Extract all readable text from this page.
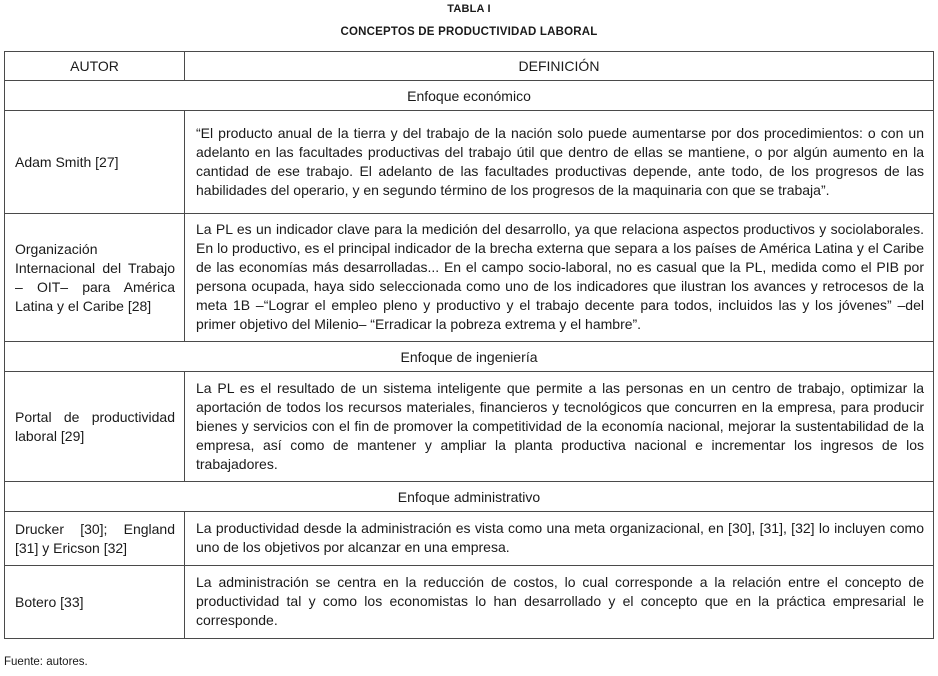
TABLA I
CONCEPTOS DE PRODUCTIVIDAD LABORAL
AUTOR	DEFINICIÓN
Enfoque económico	
Adam Smith [27]	“El producto anual de la tierra y del trabajo de la nación solo puede aumentarse por dos procedimientos: o con un adelanto en las facultades productivas del trabajo útil que dentro de ellas se mantiene, o por algún aumento en la cantidad de ese trabajo. El adelanto de las facultades productivas depende, ante todo, de los progresos de las habilidades del operario, y en segundo término de los progresos de la maquinaria con que se trabaja”.
Organización Internacional del Trabajo – OIT– para América Latina y el Caribe [28]	La PL es un indicador clave para la medición del desarrollo, ya que relaciona aspectos productivos y sociolaborales. En lo productivo, es el principal indicador de la brecha externa que separa a los países de América Latina y el Caribe de las economías más desarrolladas... En el campo socio-laboral, no es casual que la PL, medida como el PIB por persona ocupada, haya sido seleccionada como uno de los indicadores que ilustran los avances y retrocesos de la meta 1B –“Lograr el empleo pleno y productivo y el trabajo decente para todos, incluidos las y los jóvenes” –del primer objetivo del Milenio– “Erradicar la pobreza extrema y el hambre”.
Enfoque de ingeniería	
Portal de productividad laboral [29]	La PL es el resultado de un sistema inteligente que permite a las personas en un centro de trabajo, optimizar la aportación de todos los recursos materiales, financieros y tecnológicos que concurren en la empresa, para producir bienes y servicios con el fin de promover la competitividad de la economía nacional, mejorar la sustentabilidad de la empresa, así como de mantener y ampliar la planta productiva nacional e incrementar los ingresos de los trabajadores.
Enfoque administrativo	
Drucker [30]; England [31] y Ericson [32]	La productividad desde la administración es vista como una meta organizacional, en [30], [31], [32] lo incluyen como uno de los objetivos por alcanzar en una empresa.
Botero [33]	La administración se centra en la reducción de costos, lo cual corresponde a la relación entre el concepto de productividad tal y como los economistas lo han desarrollado y el concepto que en la práctica empresarial le corresponde.
Fuente: autores.
